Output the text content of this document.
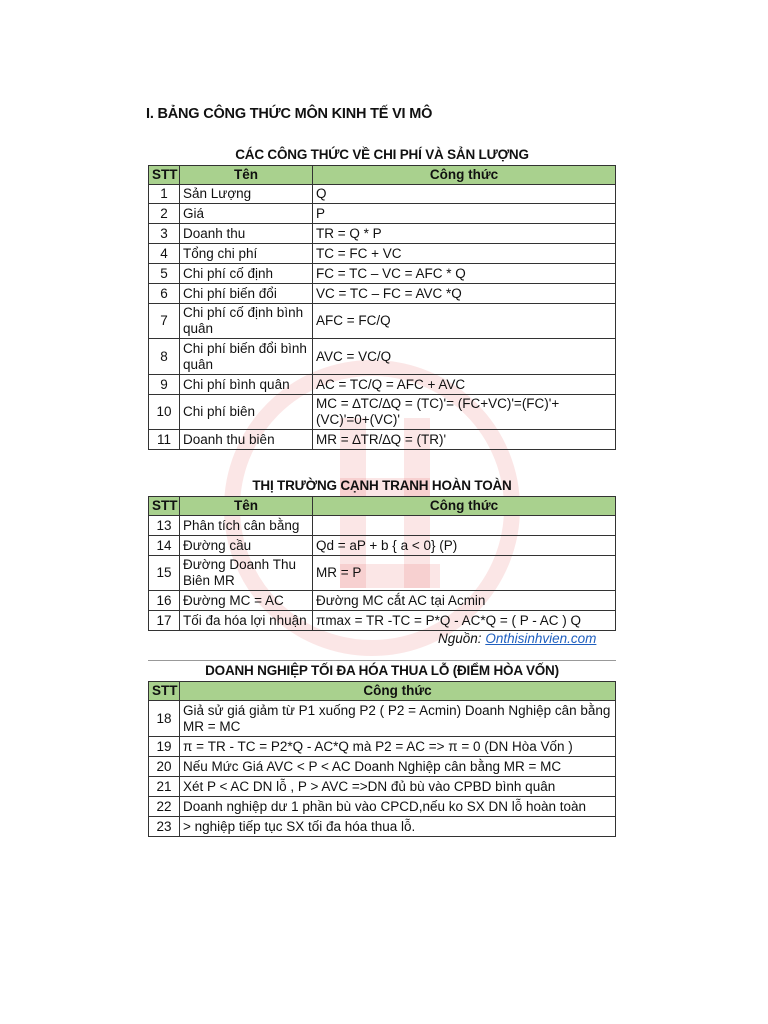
I. BẢNG CÔNG THỨC MÔN KINH TẾ VI MÔ
CÁC CÔNG THỨC VỀ CHI PHÍ VÀ SẢN LƯỢNG
STT	Tên	Công thức
1	Sản Lượng	Q
2	Giá	P
3	Doanh thu	TR = Q * P
4	Tổng chi phí	TC = FC + VC
5	Chi phí cố định	FC = TC – VC = AFC * Q
6	Chi phí biến đổi	VC = TC – FC = AVC *Q
7	Chi phí cố định bình quân	AFC = FC/Q
8	Chi phí biến đổi bình quân	AVC = VC/Q
9	Chi phí bình quân	AC = TC/Q = AFC + AVC
10	Chi phí biên	MC = ∆TC/∆Q = (TC)'= (FC+VC)'=(FC)'+(VC)'=0+(VC)'
11	Doanh thu biên	MR = ∆TR/∆Q = (TR)'
THỊ TRƯỜNG CẠNH TRANH HOÀN TOÀN
STT	Tên	Công thức
13	Phân tích cân bằng	
14	Đường cầu	Qd = aP + b { a < 0} (P)
15	Đường Doanh Thu Biên MR	MR = P
16	Đường MC = AC	Đường MC cắt AC tại Acmin
17	Tối đa hóa lợi nhuận	πmax = TR -TC = P*Q - AC*Q = ( P - AC ) Q
Nguồn: Onthisinhvien.com
DOANH NGHIỆP TỐI ĐA HÓA THUA LỖ (ĐIỂM HÒA VỐN)
STT	Công thức
18	Giả sử giá giảm từ P1 xuống P2 ( P2 = Acmin) Doanh Nghiệp cân bằng MR = MC
19	π = TR - TC = P2*Q - AC*Q mà P2 = AC => π = 0 (DN Hòa Vốn )
20	Nếu Mức Giá AVC < P < AC Doanh Nghiệp cân bằng MR = MC
21	Xét P < AC DN lỗ , P > AVC =>DN đủ bù vào CPBD bình quân
22	Doanh nghiệp dư 1 phần bù vào CPCD,nếu ko SX DN lỗ hoàn toàn
23	> nghiệp tiếp tục SX tối đa hóa thua lỗ.
